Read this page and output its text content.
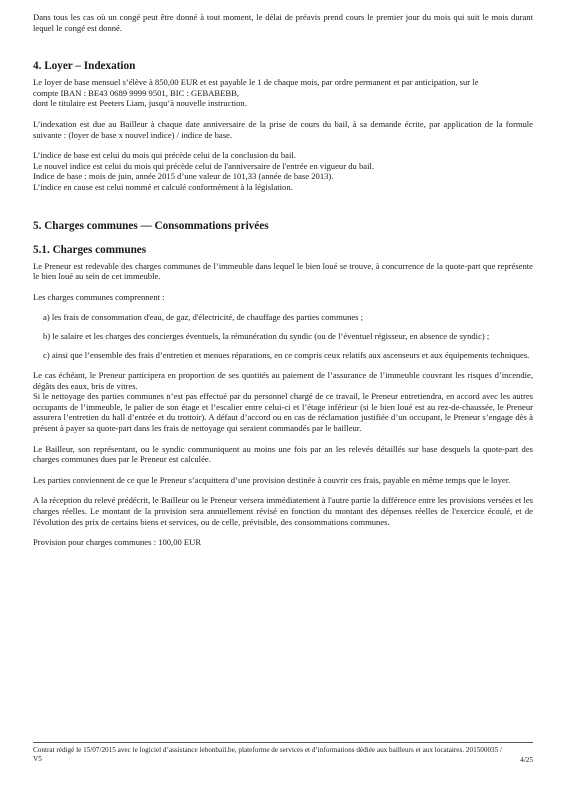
Dans tous les cas où un congé peut être donné à tout moment, le délai de préavis prend cours le premier jour du mois qui suit le mois durant lequel le congé est donné.

4. Loyer – Indexation

Le loyer de base mensuel s’élève à 850,00 EUR et est payable le 1 de chaque mois, par ordre permanent et par anticipation, sur le

compte IBAN : BE43 0689 9999 9501, BIC : GEBABEBB,

dont le titulaire est Peeters Liam, jusqu’à nouvelle instruction.

L’indexation est due au Bailleur à chaque date anniversaire de la prise de cours du bail, à sa demande écrite, par application de la formule suivante : (loyer de base x nouvel indice) / indice de base.

L’indice de base est celui du mois qui précède celui de la conclusion du bail.

Le nouvel indice est celui du mois qui précède celui de l'anniversaire de l'entrée en vigueur du bail.

Indice de base : mois de juin, année 2015 d’une valeur de 101,33 (année de base 2013).

L’indice en cause est celui nommé et calculé conformément à la législation.

5. Charges communes — Consommations privées
5.1. Charges communes

Le Preneur est redevable des charges communes de l’immeuble dans lequel le bien loué se trouve, à concurrence de la quote-part que représente le bien loué au sein de cet immeuble.

Les charges communes comprennent :

a) les frais de consommation d'eau, de gaz, d'électricité, de chauffage des parties communes ;

b) le salaire et les charges des concierges éventuels, la rémunération du syndic (ou de l’éventuel régisseur, en absence de syndic) ;

c) ainsi que l’ensemble des frais d’entretien et menues réparations, en ce compris ceux relatifs aux ascenseurs et aux équipements techniques.

Le cas échéant, le Preneur participera en proportion de ses quotités au paiement de l’assurance de l’immeuble couvrant les risques d’incendie, dégâts des eaux, bris de vitres.

Si le nettoyage des parties communes n’est pas effectué par du personnel chargé de ce travail, le Preneur entretiendra, en accord avec les autres occupants de l’immeuble, le palier de son étage et l’escalier entre celui-ci et l’étage inférieur (si le bien loué est au rez-de-chaussée, le Preneur assurera l’entretien du hall d’entrée et du trottoir). A défaut d’accord ou en cas de réclamation justifiée d’un occupant, le Preneur s’engage dès à présent à payer sa quote-part dans les frais de nettoyage qui seraient commandés par le bailleur.

Le Bailleur, son représentant, ou le syndic communiquent au moins une fois par an les relevés détaillés sur base desquels la quote-part des charges communes dues par le Preneur est calculée.

Les parties conviennent de ce que le Preneur s’acquittera d’une provision destinée à couvrir ces frais, payable en même temps que le loyer.

A la réception du relevé prédécrit, le Bailleur ou le Preneur versera immédiatement à l'autre partie la différence entre les provisions versées et les charges réelles. Le montant de la provision sera annuellement révisé en fonction du montant des dépenses réelles de l'exercice écoulé, et de l'évolution des prix de certains biens et services, ou de celle, prévisible, des consommations communes.

Provision pour charges communes : 100,00 EUR

Contrat rédigé le 15/07/2015 avec le logiciel d’assistance lebonbail.be, plateforme de services et d’informations dédiée aux bailleurs et aux locataires. 201500035 / V5	4/25
